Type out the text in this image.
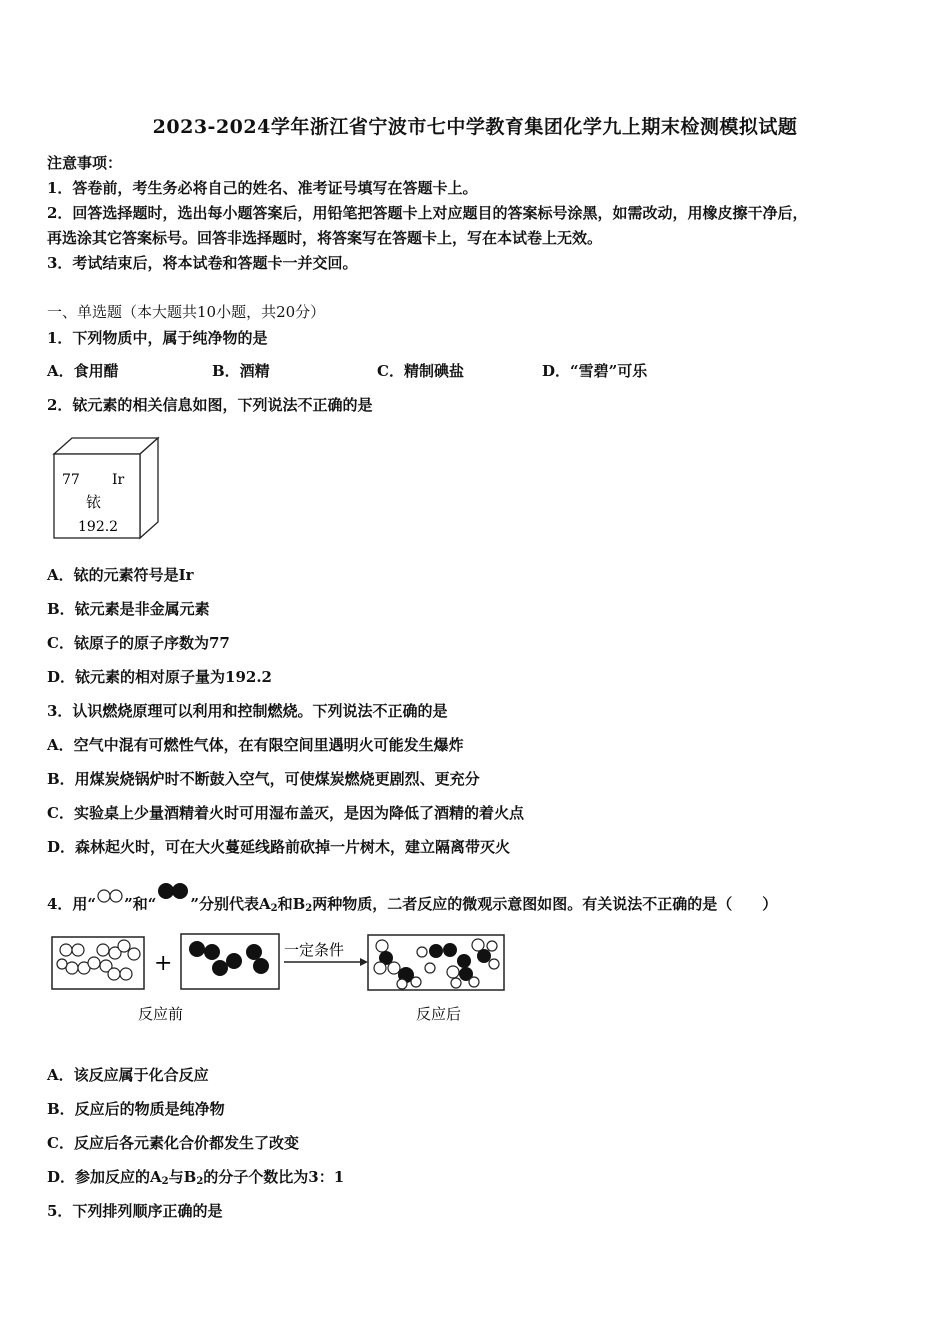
2023-2024学年浙江省宁波市七中学教育集团化学九上期末检测模拟试题
注意事项：
1．答卷前，考生务必将自己的姓名、准考证号填写在答题卡上。
2．回答选择题时，选出每小题答案后，用铅笔把答题卡上对应题目的答案标号涂黑，如需改动，用橡皮擦干净后，
再选涂其它答案标号。回答非选择题时，将答案写在答题卡上，写在本试卷上无效。
3．考试结束后，将本试卷和答题卡一并交回。
一、单选题（本大题共10小题，共20分）
1．下列物质中，属于纯净物的是
A．食用醋	B．酒精	C．精制碘盐	D．“雪碧”可乐
2．铱元素的相关信息如图，下列说法不正确的是
77 Ir
铱
192.2
A．铱的元素符号是Ir
B．铱元素是非金属元素
C．铱原子的原子序数为77
D．铱元素的相对原子量为192.2
3．认识燃烧原理可以利用和控制燃烧。下列说法不正确的是
A．空气中混有可燃性气体，在有限空间里遇明火可能发生爆炸
B．用煤炭烧锅炉时不断鼓入空气，可使煤炭燃烧更剧烈、更充分
C．实验桌上少量酒精着火时可用湿布盖灭，是因为降低了酒精的着火点
D．森林起火时，可在大火蔓延线路前砍掉一片树木，建立隔离带灭火
4．用“ ”和“ ”分别代表$A_2$和$B_2$两种物质，二者反应的微观示意图如图。有关说法不正确的是（　　）
+
一定条件
反应前	反应后
A．该反应属于化合反应
B．反应后的物质是纯净物
C．反应后各元素化合价都发生了改变
D．参加反应的$A_2$与$B_2$的分子个数比为3：1
5．下列排列顺序正确的是
